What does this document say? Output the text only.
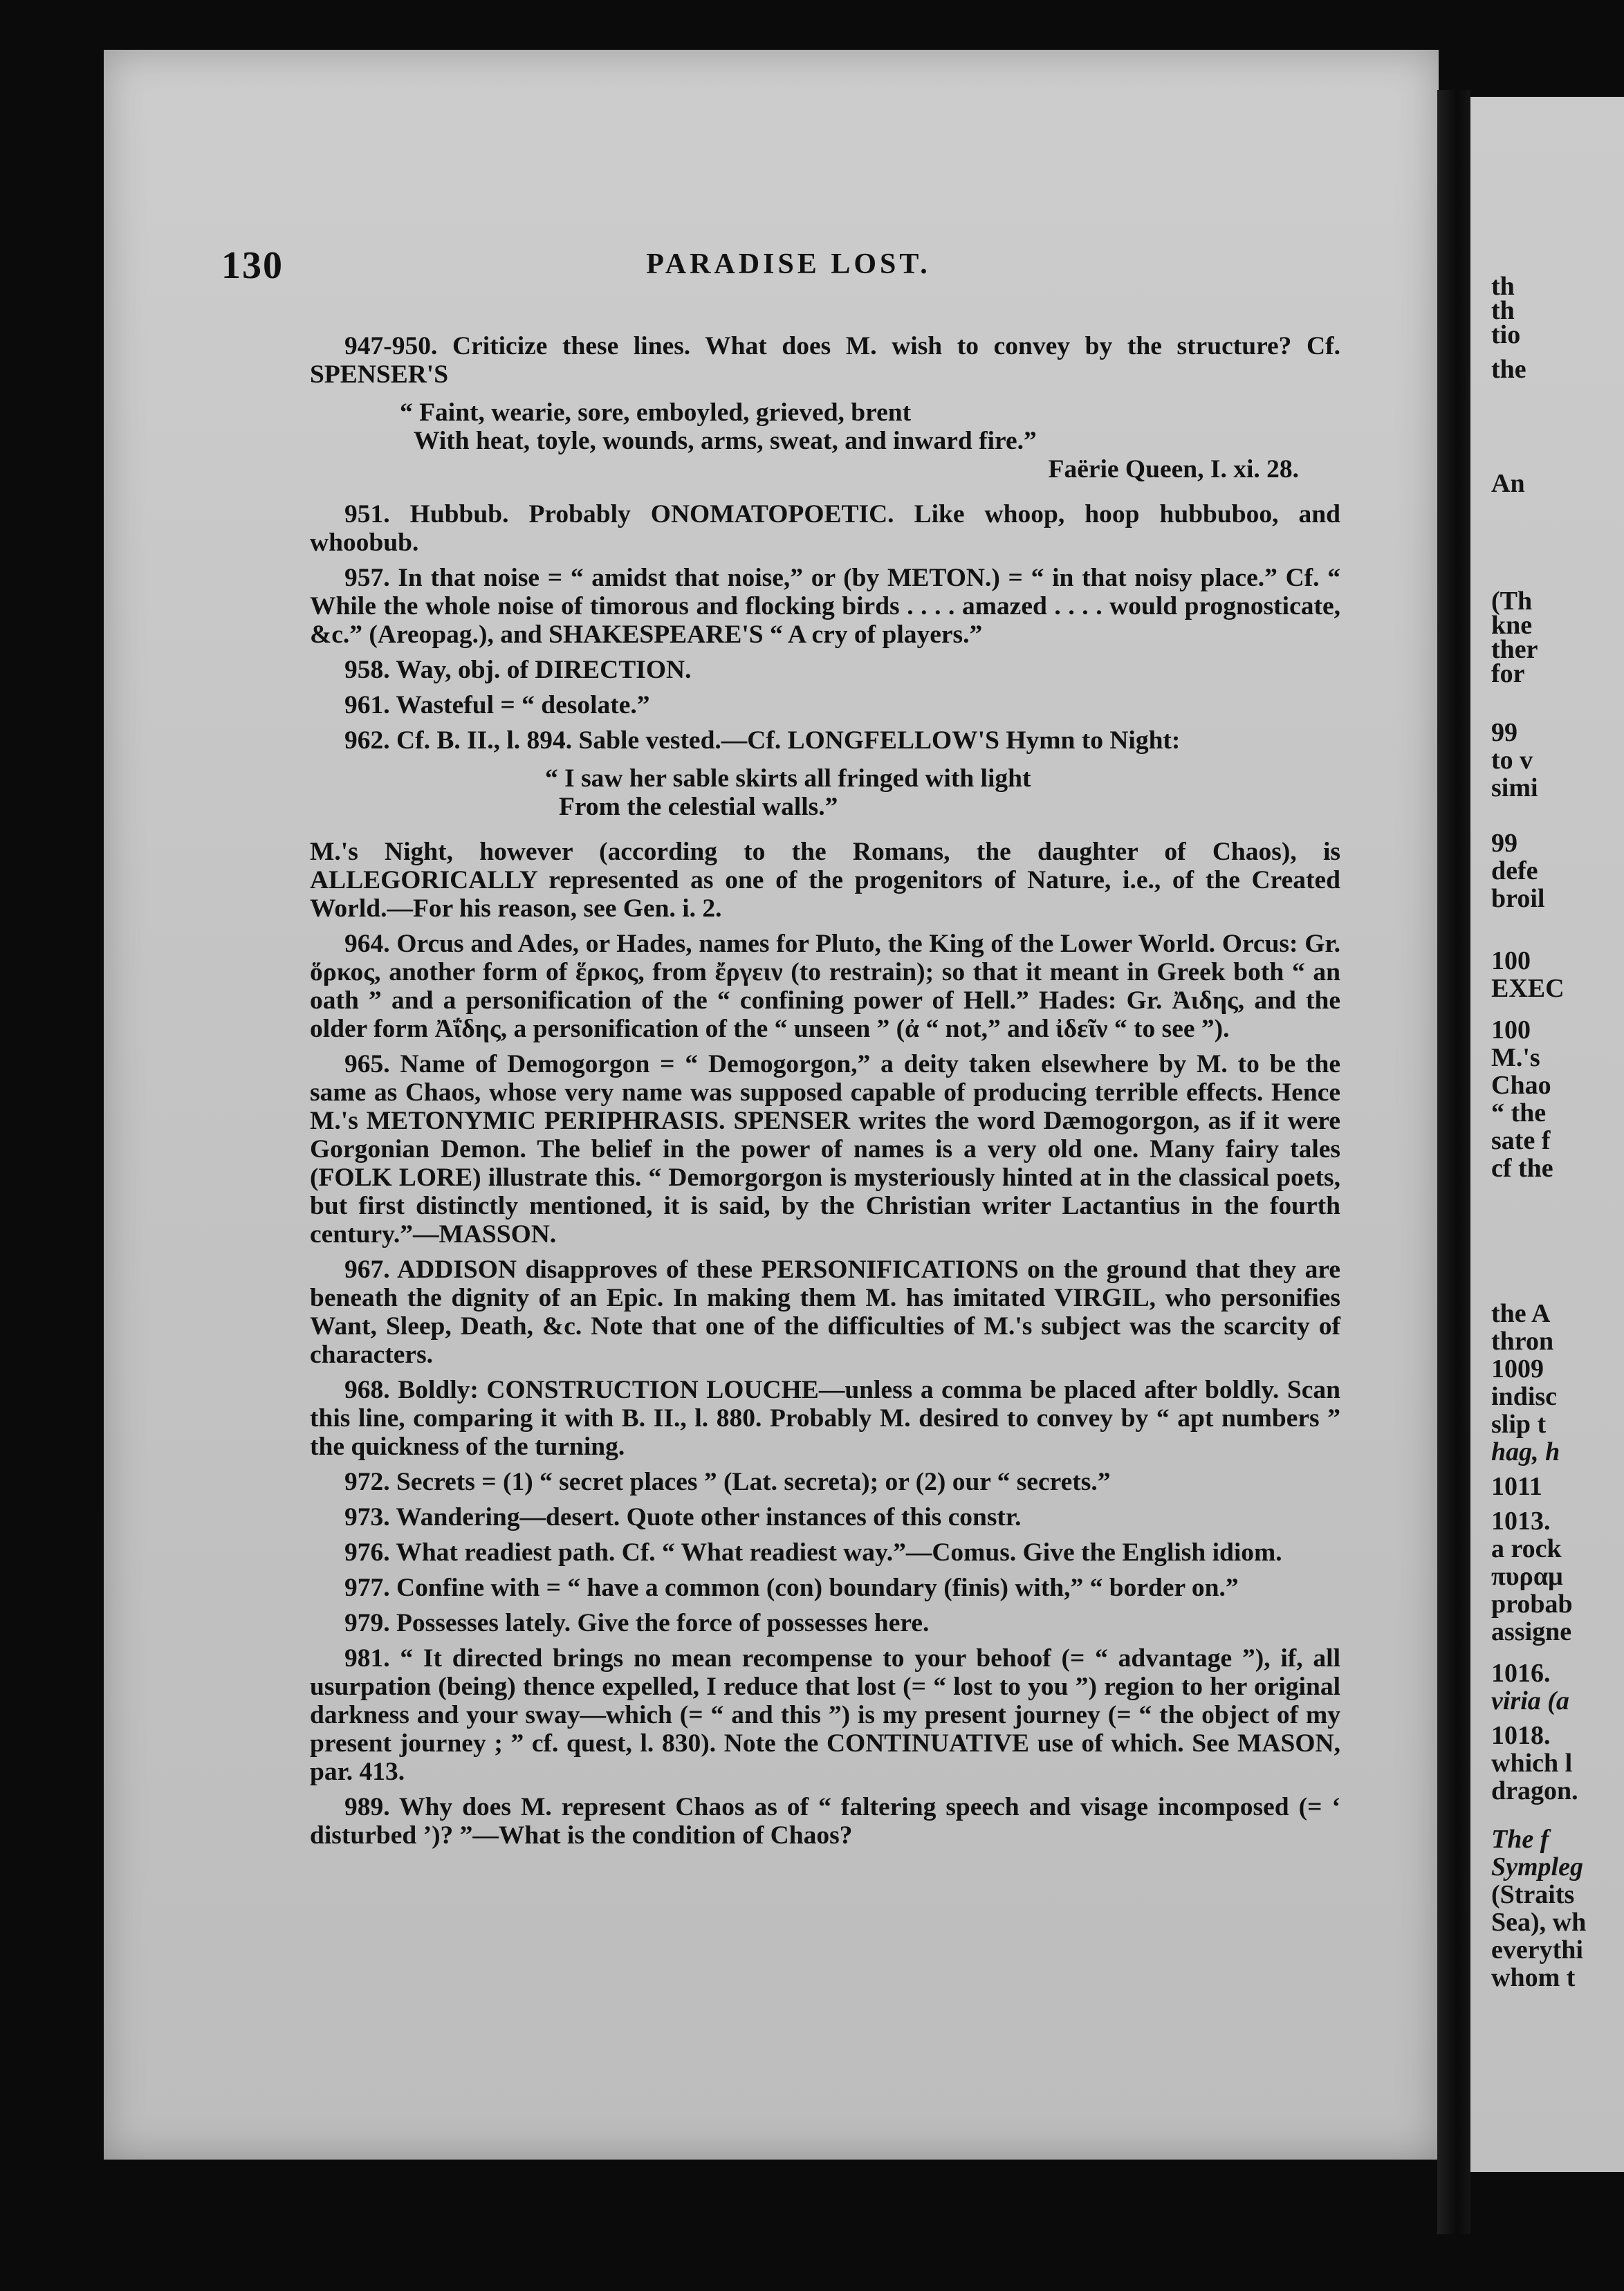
th
th
tio
the
An
(Th
kne
ther
for
99
to v
simi
99
defe
broil
100
EXEC
100
M.'s
Chao
“ the
sate f
cf the
the A
thron
1009
indisc
slip t
hag, h
1011
1013.
a rock
πυραμ
probab
assigne
1016.
viria (a
1018.
which l
dragon.
The f
Sympleg
(Straits
Sea), wh
everythi
whom t
130	PARADISE LOST.

947-950. Criticize these lines. What does M. wish to convey by the structure? Cf. SPENSER'S

“ Faint, wearie, sore, emboyled, grieved, brent
With heat, toyle, wounds, arms, sweat, and inward fire.”
Faërie Queen, I. xi. 28.

951. Hubbub. Probably ONOMATOPOETIC. Like whoop, hoop hubbuboo, and whoobub.

957. In that noise = “ amidst that noise,” or (by METON.) = “ in that noisy place.” Cf. “ While the whole noise of timorous and flocking birds . . . . amazed . . . . would prognosticate, &c.” (Areopag.), and SHAKESPEARE'S “ A cry of players.”

958. Way, obj. of DIRECTION.

961. Wasteful = “ desolate.”

962. Cf. B. II., l. 894. Sable vested.—Cf. LONGFELLOW'S Hymn to Night:

“ I saw her sable skirts all fringed with light
From the celestial walls.”

M.'s Night, however (according to the Romans, the daughter of Chaos), is ALLEGORICALLY represented as one of the progenitors of Nature, i.e., of the Created World.—For his reason, see Gen. i. 2.

964. Orcus and Ades, or Hades, names for Pluto, the King of the Lower World. Orcus: Gr. ὅρκος, another form of ἕρκος, from ἔργειν (to restrain); so that it meant in Greek both “ an oath ” and a personification of the “ confining power of Hell.” Hades: Gr. Ἀιδης, and the older form Ἀΐδης, a personification of the “ unseen ” (ἀ “ not,” and ἰδεῖν “ to see ”).

965. Name of Demogorgon = “ Demogorgon,” a deity taken elsewhere by M. to be the same as Chaos, whose very name was supposed capable of producing terrible effects. Hence M.'s METONYMIC PERIPHRASIS. SPENSER writes the word Dæmogorgon, as if it were Gorgonian Demon. The belief in the power of names is a very old one. Many fairy tales (FOLK LORE) illustrate this. “ Demorgorgon is mysteriously hinted at in the classical poets, but first distinctly mentioned, it is said, by the Christian writer Lactantius in the fourth century.”—MASSON.

967. ADDISON disapproves of these PERSONIFICATIONS on the ground that they are beneath the dignity of an Epic. In making them M. has imitated VIRGIL, who personifies Want, Sleep, Death, &c. Note that one of the difficulties of M.'s subject was the scarcity of characters.

968. Boldly: CONSTRUCTION LOUCHE—unless a comma be placed after boldly. Scan this line, comparing it with B. II., l. 880. Probably M. desired to convey by “ apt numbers ” the quickness of the turning.

972. Secrets = (1) “ secret places ” (Lat. secreta); or (2) our “ secrets.”

973. Wandering—desert. Quote other instances of this constr.

976. What readiest path. Cf. “ What readiest way.”—Comus. Give the English idiom.

977. Confine with = “ have a common (con) boundary (finis) with,” “ border on.”

979. Possesses lately. Give the force of possesses here.

981. “ It directed brings no mean recompense to your behoof (= “ advantage ”), if, all usurpation (being) thence expelled, I reduce that lost (= “ lost to you ”) region to her original darkness and your sway—which (= “ and this ”) is my present journey (= “ the object of my present journey ; ” cf. quest, l. 830). Note the CONTINUATIVE use of which. See MASON, par. 413.

989. Why does M. represent Chaos as of “ faltering speech and visage incomposed (= ‘ disturbed ’)? ”—What is the condition of Chaos?
